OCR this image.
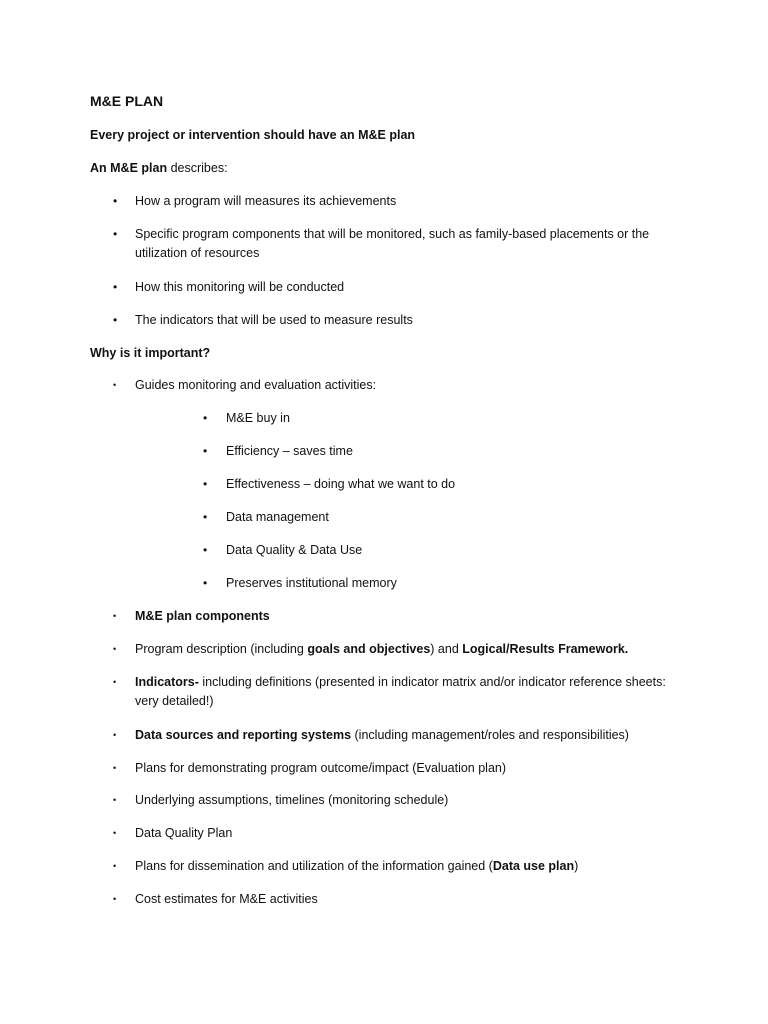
M&E PLAN
Every project or intervention should have an M&E plan
An M&E plan describes:
• How a program will measures its achievements
• Specific program components that will be monitored, such as family-based placements or the utilization of resources
• How this monitoring will be conducted
• The indicators that will be used to measure results
Why is it important?
• Guides monitoring and evaluation activities:
• M&E buy in
• Efficiency – saves time
• Effectiveness – doing what we want to do
• Data management
• Data Quality & Data Use
• Preserves institutional memory
• M&E plan components
• Program description (including goals and objectives) and Logical/Results Framework.
• Indicators- including definitions (presented in indicator matrix and/or indicator reference sheets: very detailed!)
• Data sources and reporting systems (including management/roles and responsibilities)
• Plans for demonstrating program outcome/impact (Evaluation plan)
• Underlying assumptions, timelines (monitoring schedule)
• Data Quality Plan
• Plans for dissemination and utilization of the information gained (Data use plan)
• Cost estimates for M&E activities
